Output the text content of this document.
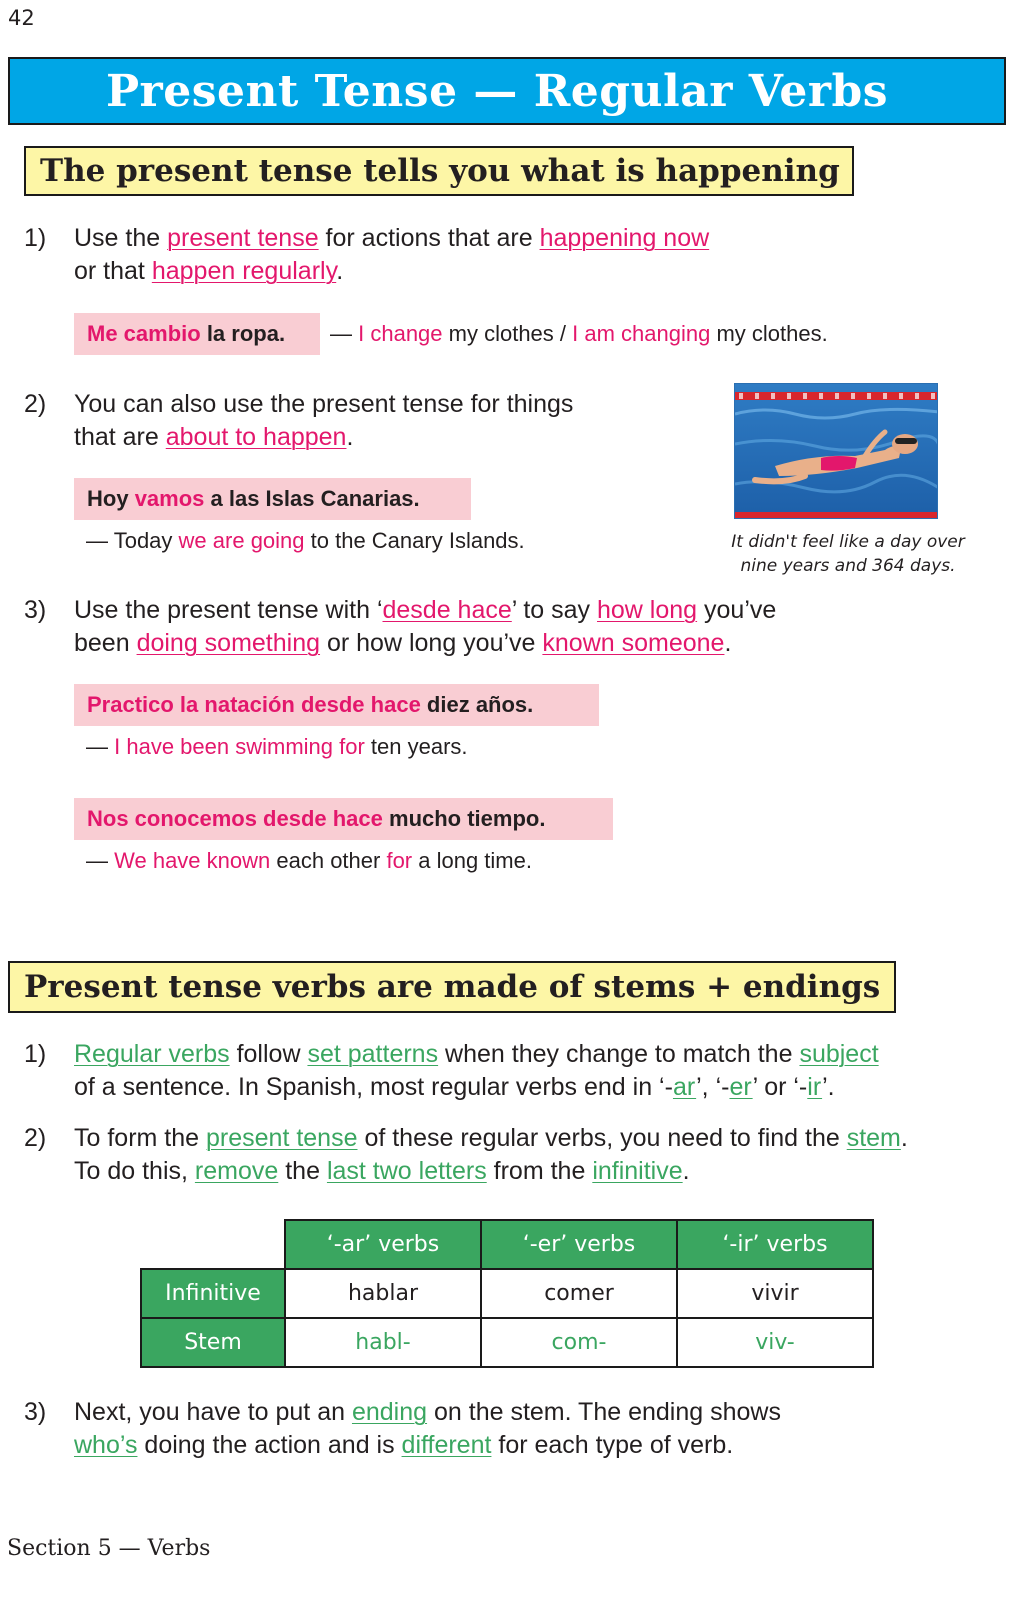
42
Present Tense — Regular Verbs
The present tense tells you what is happening
1) Use the present tense for actions that are happening now
or that happen regularly.
Me cambio la ropa.	— I change my clothes / I am changing my clothes.
2) You can also use the present tense for things
that are about to happen.
Hoy vamos a las Islas Canarias.
— Today we are going to the Canary Islands.	It didn't feel like a day over
nine years and 364 days.
3) Use the present tense with ‘desde hace’ to say how long you’ve
been doing something or how long you’ve known someone.
Practico la natación desde hace diez años.
— I have been swimming for ten years.
Nos conocemos desde hace mucho tiempo.
— We have known each other for a long time.
Present tense verbs are made of stems + endings
1) Regular verbs follow set patterns when they change to match the subject
of a sentence. In Spanish, most regular verbs end in ‘-ar’, ‘-er’ or ‘-ir’.
2) To form the present tense of these regular verbs, you need to find the stem.
To do this, remove the last two letters from the infinitive.
	‘-ar’ verbs	‘-er’ verbs	‘-ir’ verbs
Infinitive	hablar	comer	vivir
Stem	habl-	com-	viv-
3) Next, you have to put an ending on the stem. The ending shows
who’s doing the action and is different for each type of verb.
Section 5 — Verbs
